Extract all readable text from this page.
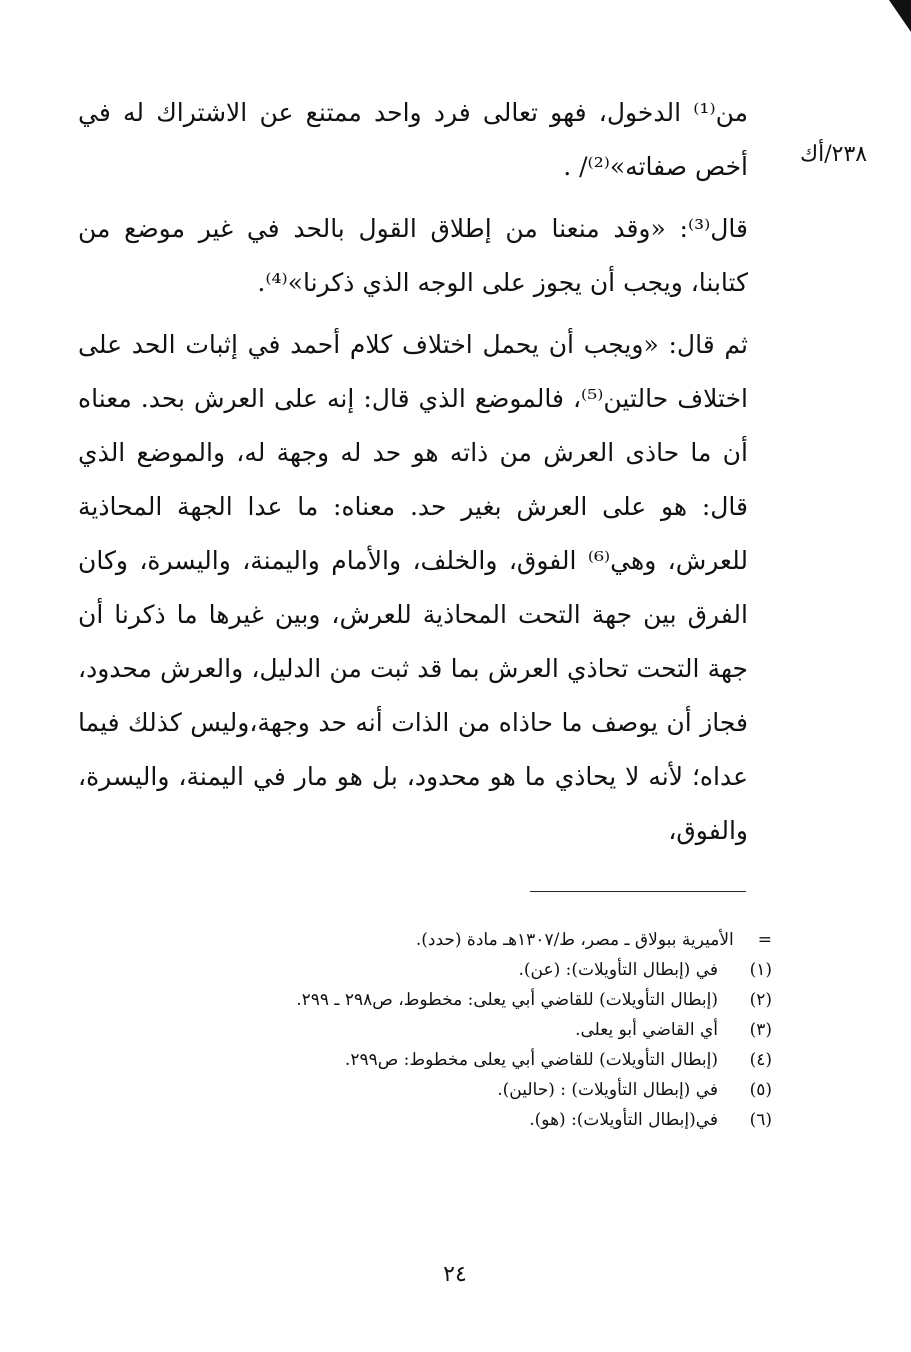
٢٣٨/أك

من⁽¹⁾ الدخول، فهو تعالى فرد واحد ممتنع عن الاشتراك له في أخص صفاته»⁽²⁾/ .

قال⁽³⁾: «وقد منعنا من إطلاق القول بالحد في غير موضع من كتابنا، ويجب أن يجوز على الوجه الذي ذكرنا»⁽⁴⁾.

ثم قال: «ويجب أن يحمل اختلاف كلام أحمد في إثبات الحد على اختلاف حالتين⁽⁵⁾، فالموضع الذي قال: إنه على العرش بحد. معناه أن ما حاذى العرش من ذاته هو حد له وجهة له، والموضع الذي قال: هو على العرش بغير حد. معناه: ما عدا الجهة المحاذية للعرش، وهي⁽⁶⁾ الفوق، والخلف، والأمام واليمنة، واليسرة، وكان الفرق بين جهة التحت المحاذية للعرش، وبين غيرها ما ذكرنا أن جهة التحت تحاذي العرش بما قد ثبت من الدليل، والعرش محدود، فجاز أن يوصف ما حاذاه من الذات أنه حد وجهة،وليس كذلك فيما عداه؛ لأنه لا يحاذي ما هو محدود، بل هو مار في اليمنة، واليسرة، والفوق،

=
الأميرية ببولاق ـ مصر، ط/١٣٠٧هـ مادة (حدد).
(١)
في (إبطال التأويلات): (عن).
(٢)
(إبطال التأويلات) للقاضي أبي يعلى: مخطوط، ص٢٩٨ ـ ٢٩٩.
(٣)
أي القاضي أبو يعلى.
(٤)
(إبطال التأويلات) للقاضي أبي يعلى مخطوط: ص٢٩٩.
(٥)
في (إبطال التأويلات) : (حالين).
(٦)
في(إبطال التأويلات): (هو).
٢٤
